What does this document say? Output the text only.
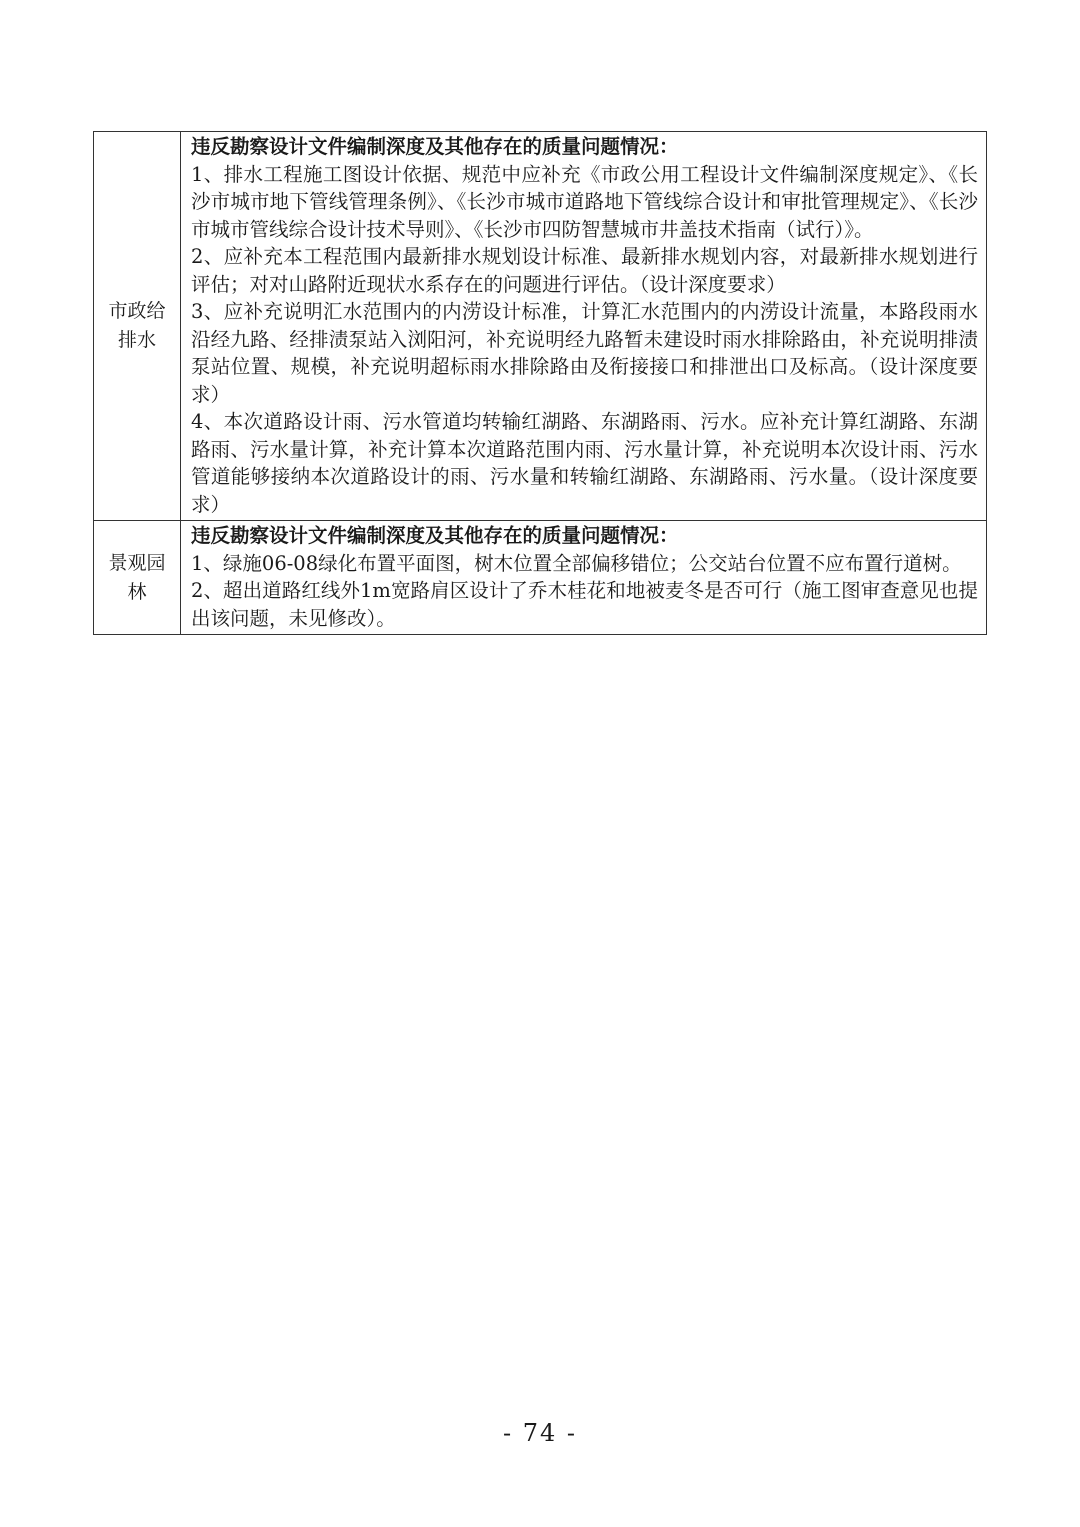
市政给排水	违反勘察设计文件编制深度及其他存在的质量问题情况：

1、排水工程施工图设计依据、规范中应补充《市政公用工程设计文件编制深度规定》、《长沙市城市地下管线管理条例》、《长沙市城市道路地下管线综合设计和审批管理规定》、《长沙市城市管线综合设计技术导则》、《长沙市四防智慧城市井盖技术指南（试行）》。

2、应补充本工程范围内最新排水规划设计标准、最新排水规划内容，对最新排水规划进行评估；对对山路附近现状水系存在的问题进行评估。（设计深度要求）

3、应补充说明汇水范围内的内涝设计标准，计算汇水范围内的内涝设计流量，本路段雨水沿经九路、经排渍泵站入浏阳河，补充说明经九路暂未建设时雨水排除路由，补充说明排渍泵站位置、规模，补充说明超标雨水排除路由及衔接接口和排泄出口及标高。（设计深度要求）

4、本次道路设计雨、污水管道均转输红湖路、东湖路雨、污水。应补充计算红湖路、东湖路雨、污水量计算，补充计算本次道路范围内雨、污水量计算，补充说明本次设计雨、污水管道能够接纳本次道路设计的雨、污水量和转输红湖路、东湖路雨、污水量。（设计深度要求）

景观园林	违反勘察设计文件编制深度及其他存在的质量问题情况：

1、绿施06-08绿化布置平面图，树木位置全部偏移错位；公交站台位置不应布置行道树。

2、超出道路红线外1m宽路肩区设计了乔木桂花和地被麦冬是否可行（施工图审查意见也提出该问题，未见修改）。

- 74 -
